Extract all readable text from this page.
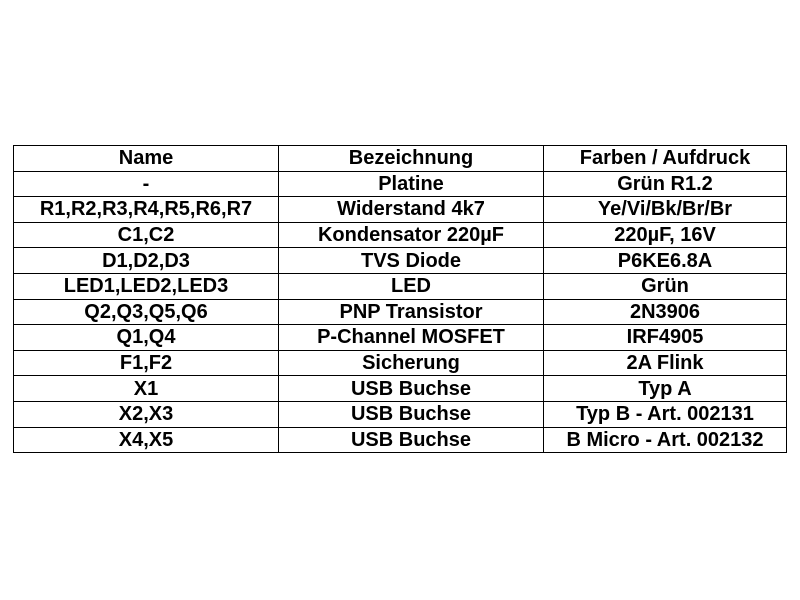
Name	Bezeichnung	Farben / Aufdruck
-	Platine	Grün R1.2
R1,R2,R3,R4,R5,R6,R7	Widerstand 4k7	Ye/Vi/Bk/Br/Br
C1,C2	Kondensator 220µF	220µF, 16V
D1,D2,D3	TVS Diode	P6KE6.8A
LED1,LED2,LED3	LED	Grün
Q2,Q3,Q5,Q6	PNP Transistor	2N3906
Q1,Q4	P-Channel MOSFET	IRF4905
F1,F2	Sicherung	2A Flink
X1	USB Buchse	Typ A
X2,X3	USB Buchse	Typ B - Art. 002131
X4,X5	USB Buchse	B Micro - Art. 002132
